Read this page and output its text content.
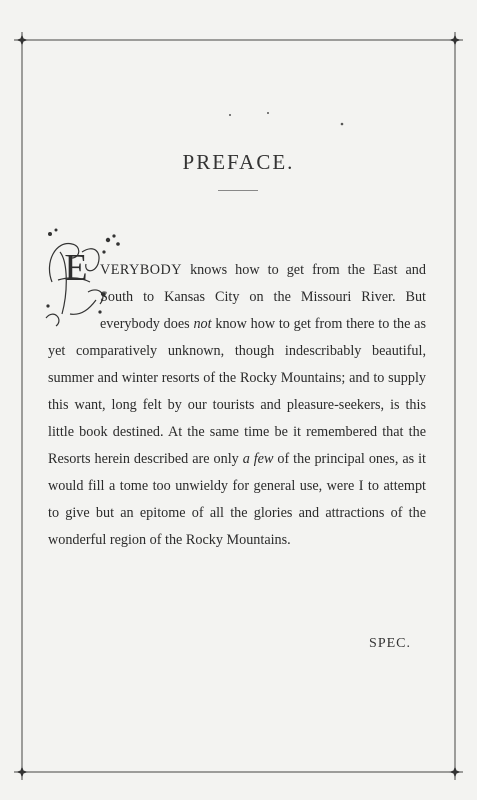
PREFACE.
E VERYBODY knows how to get from the East and South to Kansas City on the Missouri River. But everybody does not know how to get from there to the as yet comparatively unknown, though indescribably beautiful, summer and winter resorts of the Rocky Mountains; and to supply this want, long felt by our tourists and pleasure-seekers, is this little book destined. At the same time be it remembered that the Resorts herein described are only a few of the principal ones, as it would fill a tome too unwieldy for general use, were I to attempt to give but an epitome of all the glories and attractions of the wonderful region of the Rocky Mountains.

SPEC.
